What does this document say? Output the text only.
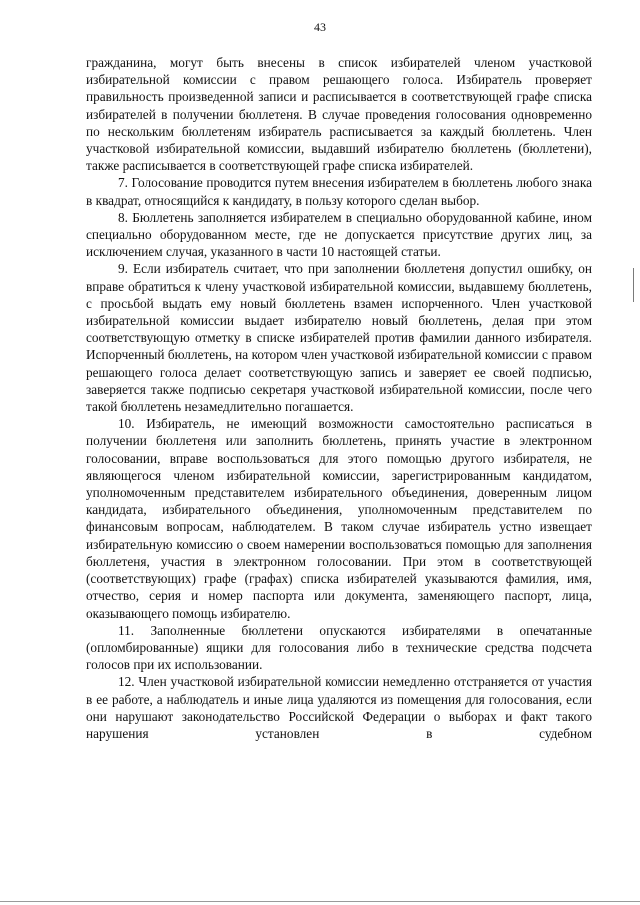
43

гражданина, могут быть внесены в список избирателей членом участковой избирательной комиссии с правом решающего голоса. Избиратель проверяет правильность произведенной записи и расписывается в соответствующей графе списка избирателей в получении бюллетеня. В случае проведения голосования одновременно по нескольким бюллетеням избиратель расписывается за каждый бюллетень. Член участковой избирательной комиссии, выдавший избирателю бюллетень (бюллетени), также расписывается в соответствующей графе списка избирателей.

7. Голосование проводится путем внесения избирателем в бюллетень любого знака в квадрат, относящийся к кандидату, в пользу которого сделан выбор.

8. Бюллетень заполняется избирателем в специально оборудованной кабине, ином специально оборудованном месте, где не допускается присутствие других лиц, за исключением случая, указанного в части 10 настоящей статьи.

9. Если избиратель считает, что при заполнении бюллетеня допустил ошибку, он вправе обратиться к члену участковой избирательной комиссии, выдавшему бюллетень, с просьбой выдать ему новый бюллетень взамен испорченного. Член участковой избирательной комиссии выдает избирателю новый бюллетень, делая при этом соответствующую отметку в списке избирателей против фамилии данного избирателя. Испорченный бюллетень, на котором член участковой избирательной комиссии с правом решающего голоса делает соответствующую запись и заверяет ее своей подписью, заверяется также подписью секретаря участковой избирательной комиссии, после чего такой бюллетень незамедлительно погашается.

10. Избиратель, не имеющий возможности самостоятельно расписаться в получении бюллетеня или заполнить бюллетень, принять участие в электронном голосовании, вправе воспользоваться для этого помощью другого избирателя, не являющегося членом избирательной комиссии, зарегистрированным кандидатом, уполномоченным представителем избирательного объединения, доверенным лицом кандидата, избирательного объединения, уполномоченным представителем по финансовым вопросам, наблюдателем. В таком случае избиратель устно извещает избирательную комиссию о своем намерении воспользоваться помощью для заполнения бюллетеня, участия в электронном голосовании. При этом в соответствующей (соответствующих) графе (графах) списка избирателей указываются фамилия, имя, отчество, серия и номер паспорта или документа, заменяющего паспорт, лица, оказывающего помощь избирателю.

11. Заполненные бюллетени опускаются избирателями в опечатанные (опломбированные) ящики для голосования либо в технические средства подсчета голосов при их использовании.

12. Член участковой избирательной комиссии немедленно отстраняется от участия в ее работе, а наблюдатель и иные лица удаляются из помещения для голосования, если они нарушают законодательство Российской Федерации о выборах и факт такого нарушения установлен в судебном
